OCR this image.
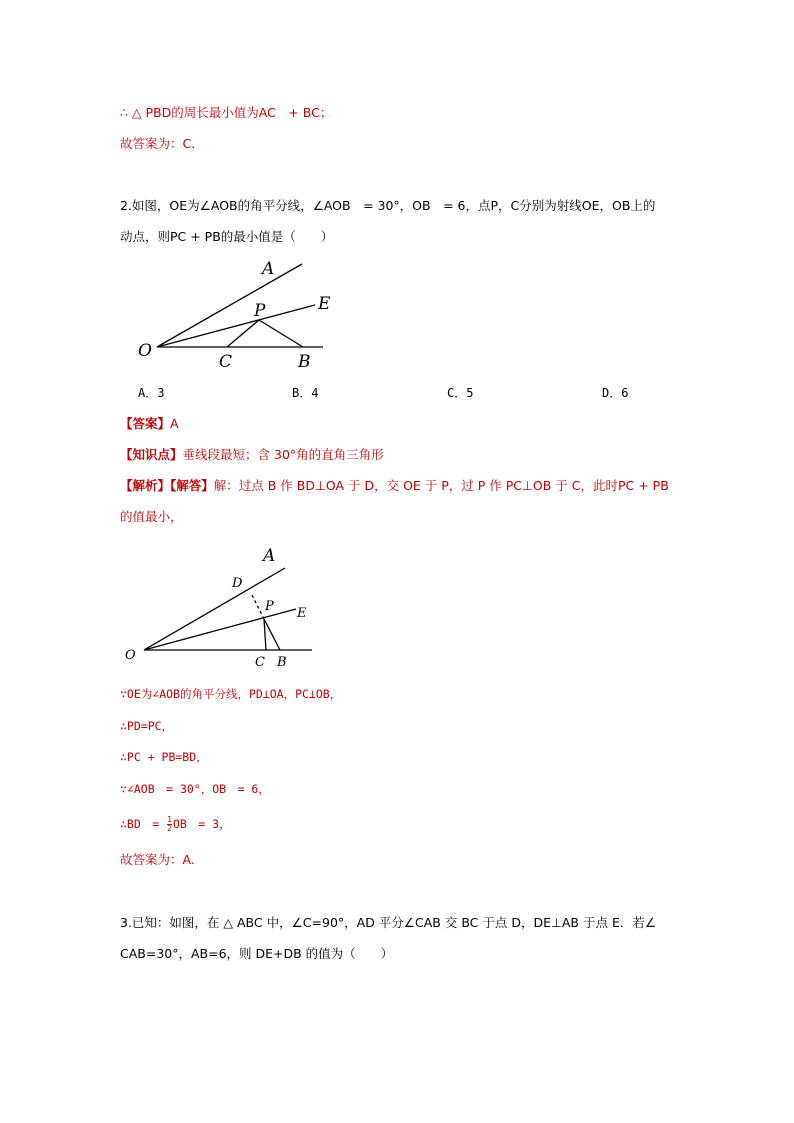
∴ △ PBD的周长最小值为AC　+ BC；
故答案为：C.
2.如图，OE为∠AOB的角平分线，∠AOB　= 30°，OB　= 6，点P，C分别为射线OE，OB上的
动点，则PC + PB的最小值是（　　）
A
E
P
O
C	B
A．3	B．4	C．5	D．6
【答案】A
【知识点】垂线段最短；含 30°角的直角三角形
【解析】【解答】解：过点 B 作 BD⊥OA 于 D，交 OE 于 P，过 P 作 PC⊥OB 于 C，此时PC + PB
的值最小，
A
D
P E
O	C B
∵OE为∠AOB的角平分线，PD⊥OA，PC⊥OB，
∴PD=PC，
∴PC + PB=BD，
∵∠AOB　= 30°，OB　= 6，
∴BD　= $\frac{1}{2}$ OB　= 3，
故答案为：A.
3.已知：如图，在 △ ABC 中，∠C=90°，AD 平分∠CAB 交 BC 于点 D，DE⊥AB 于点 E．若∠
CAB=30°，AB=6，则 DE+DB 的值为（　　）
